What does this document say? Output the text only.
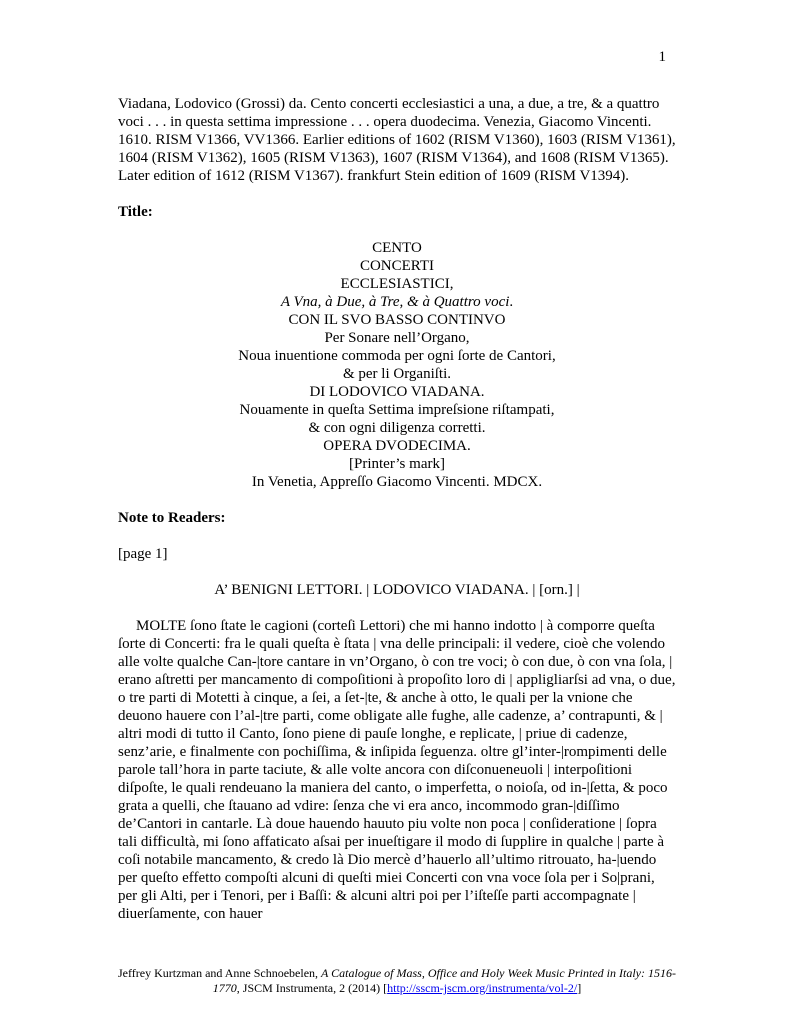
1

Viadana, Lodovico (Grossi) da. Cento concerti ecclesiastici a una, a due, a tre, & a quattro voci . . . in questa settima impressione . . . opera duodecima. Venezia, Giacomo Vincenti. 1610. RISM V1366, VV1366. Earlier editions of 1602 (RISM V1360), 1603 (RISM V1361), 1604 (RISM V1362), 1605 (RISM V1363), 1607 (RISM V1364), and 1608 (RISM V1365). Later edition of 1612 (RISM V1367). frankfurt Stein edition of 1609 (RISM V1394).

Title:

CENTO
CONCERTI
ECCLESIASTICI,
A Vna, à Due, à Tre, & à Quattro voci.
CON IL SVO BASSO CONTINVO
Per Sonare nell’Organo,
Noua inuentione commoda per ogni ſorte de Cantori,
& per li Organiſti.
DI LODOVICO VIADANA.
Nouamente in queſta Settima impreſsione riſtampati,
& con ogni diligenza corretti.
OPERA DVODECIMA.
[Printer’s mark]
In Venetia, Appreſſo Giacomo Vincenti. MDCX.

Note to Readers:

[page 1]

A’ BENIGNI LETTORI. | LODOVICO VIADANA. | [orn.] |

MOLTE ſono ſtate le cagioni (corteſi Lettori) che mi hanno indotto | à comporre queſta ſorte di Concerti: fra le quali queſta è ſtata | vna delle principali: il vedere, cioè che volendo alle volte qualche Can-|tore cantare in vn’Organo, ò con tre voci; ò con due, ò con vna ſola, | erano aſtretti per mancamento di compoſitioni à propoſito loro di | appligliarſsi ad vna, o due, o tre parti di Motetti à cinque, a ſei, a ſet-|te, & anche à otto, le quali per la vnione che deuono hauere con l’al-|tre parti, come obligate alle fughe, alle cadenze, a’ contrapunti, & | altri modi di tutto il Canto, ſono piene di pauſe longhe, e replicate, | priue di cadenze, senz’arie, e finalmente con pochiſſima, & inſipida ſeguenza. oltre gl’inter-|rompimenti delle parole tall’hora in parte taciute, & alle volte ancora con diſconueneuoli | interpoſitioni diſpoſte, le quali rendeuano la maniera del canto, o imperfetta, o noioſa, od in-|ſetta, & poco grata a quelli, che ſtauano ad vdire: ſenza che vi era anco, incommodo gran-|diſſimo de’Cantori in cantarle. Là doue hauendo hauuto piu volte non poca | conſideratione | ſopra tali difficultà, mi ſono affaticato aſsai per inueſtigare il modo di ſupplire in qualche | parte à coſi notabile mancamento, & credo là Dio mercè d’hauerlo all’ultimo ritrouato, ha-|uendo per queſto effetto compoſti alcuni di queſti miei Concerti con vna voce ſola per i So|prani, per gli Alti, per i Tenori, per i Baſſi: & alcuni altri poi per l’iſteſſe parti accompagnate | diuerſamente, con hauer

Jeffrey Kurtzman and Anne Schnoebelen, A Catalogue of Mass, Office and Holy Week Music Printed in Italy: 1516-1770, JSCM Instrumenta, 2 (2014) [http://sscm-jscm.org/instrumenta/vol-2/]
